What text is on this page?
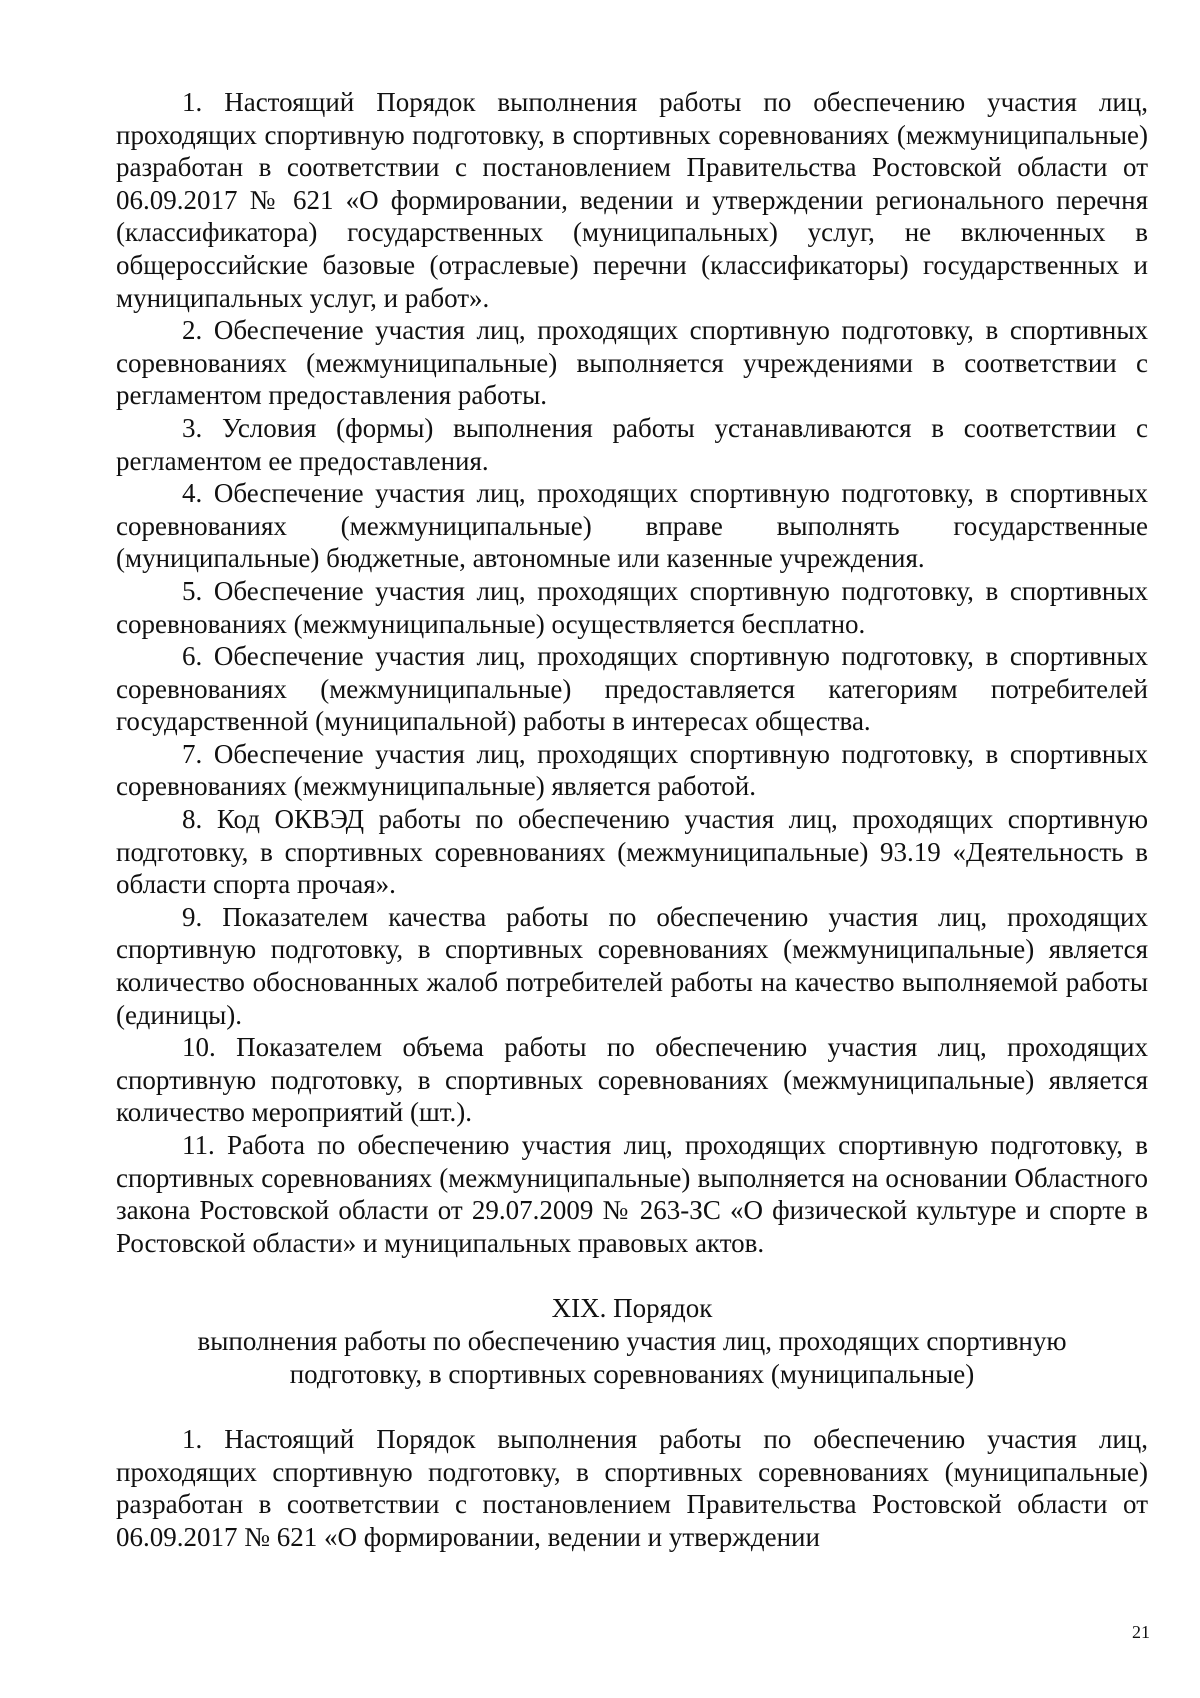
1. Настоящий Порядок выполнения работы по обеспечению участия лиц, проходящих спортивную подготовку, в спортивных соревнованиях (межмуниципальные) разработан в соответствии с постановлением Правительства Ростовской области от 06.09.2017 № 621 «О формировании, ведении и утверждении регионального перечня (классификатора) государственных (муниципальных) услуг, не включенных в общероссийские базовые (отраслевые) перечни (классификаторы) государственных и муниципальных услуг, и работ».

2. Обеспечение участия лиц, проходящих спортивную подготовку, в спортивных соревнованиях (межмуниципальные) выполняется учреждениями в соответствии с регламентом предоставления работы.

3. Условия (формы) выполнения работы устанавливаются в соответствии с регламентом ее предоставления.

4. Обеспечение участия лиц, проходящих спортивную подготовку, в спортивных соревнованиях (межмуниципальные) вправе выполнять государственные (муниципальные) бюджетные, автономные или казенные учреждения.

5. Обеспечение участия лиц, проходящих спортивную подготовку, в спортивных соревнованиях (межмуниципальные) осуществляется бесплатно.

6. Обеспечение участия лиц, проходящих спортивную подготовку, в спортивных соревнованиях (межмуниципальные) предоставляется категориям потребителей государственной (муниципальной) работы в интересах общества.

7. Обеспечение участия лиц, проходящих спортивную подготовку, в спортивных соревнованиях (межмуниципальные) является работой.

8. Код ОКВЭД работы по обеспечению участия лиц, проходящих спортивную подготовку, в спортивных соревнованиях (межмуниципальные) 93.19 «Деятельность в области спорта прочая».

9. Показателем качества работы по обеспечению участия лиц, проходящих спортивную подготовку, в спортивных соревнованиях (межмуниципальные) является количество обоснованных жалоб потребителей работы на качество выполняемой работы (единицы).

10. Показателем объема работы по обеспечению участия лиц, проходящих спортивную подготовку, в спортивных соревнованиях (межмуниципальные) является количество мероприятий (шт.).

11. Работа по обеспечению участия лиц, проходящих спортивную подготовку, в спортивных соревнованиях (межмуниципальные) выполняется на основании Областного закона Ростовской области от 29.07.2009 № 263-ЗС «О физической культуре и спорте в Ростовской области» и муниципальных правовых актов.

XIX. Порядок
выполнения работы по обеспечению участия лиц, проходящих спортивную
подготовку, в спортивных соревнованиях (муниципальные)

1. Настоящий Порядок выполнения работы по обеспечению участия лиц, проходящих спортивную подготовку, в спортивных соревнованиях (муниципальные) разработан в соответствии с постановлением Правительства Ростовской области от 06.09.2017 № 621 «О формировании, ведении и утверждении

21
